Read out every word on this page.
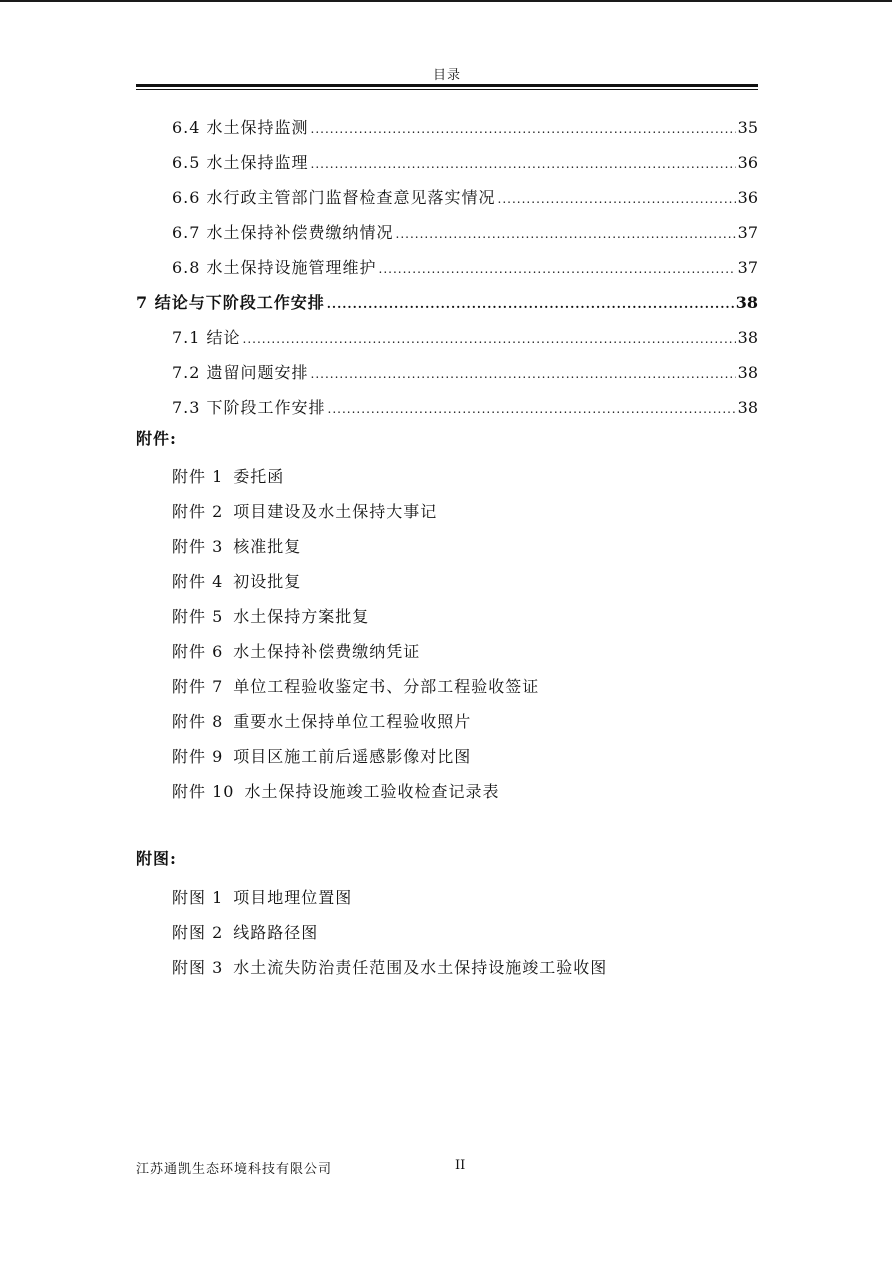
目录
6.4 水土保持监测 .....	35
6.5 水土保持监理 .....	36
6.6 水行政主管部门监督检查意见落实情况 .....	36
6.7 水土保持补偿费缴纳情况 .....	37
6.8 水土保持设施管理维护 .....	37
7 结论与下阶段工作安排 .....	38
7.1 结论 .....	38
7.2 遗留问题安排 .....	38
7.3 下阶段工作安排 .....	38
附件:
附件 1 委托函
附件 2 项目建设及水土保持大事记
附件 3 核准批复
附件 4 初设批复
附件 5 水土保持方案批复
附件 6 水土保持补偿费缴纳凭证
附件 7 单位工程验收鉴定书、分部工程验收签证
附件 8 重要水土保持单位工程验收照片
附件 9 项目区施工前后遥感影像对比图
附件 10 水土保持设施竣工验收检查记录表
附图:
附图 1 项目地理位置图
附图 2 线路路径图
附图 3 水土流失防治责任范围及水土保持设施竣工验收图
江苏通凯生态环境科技有限公司	II
